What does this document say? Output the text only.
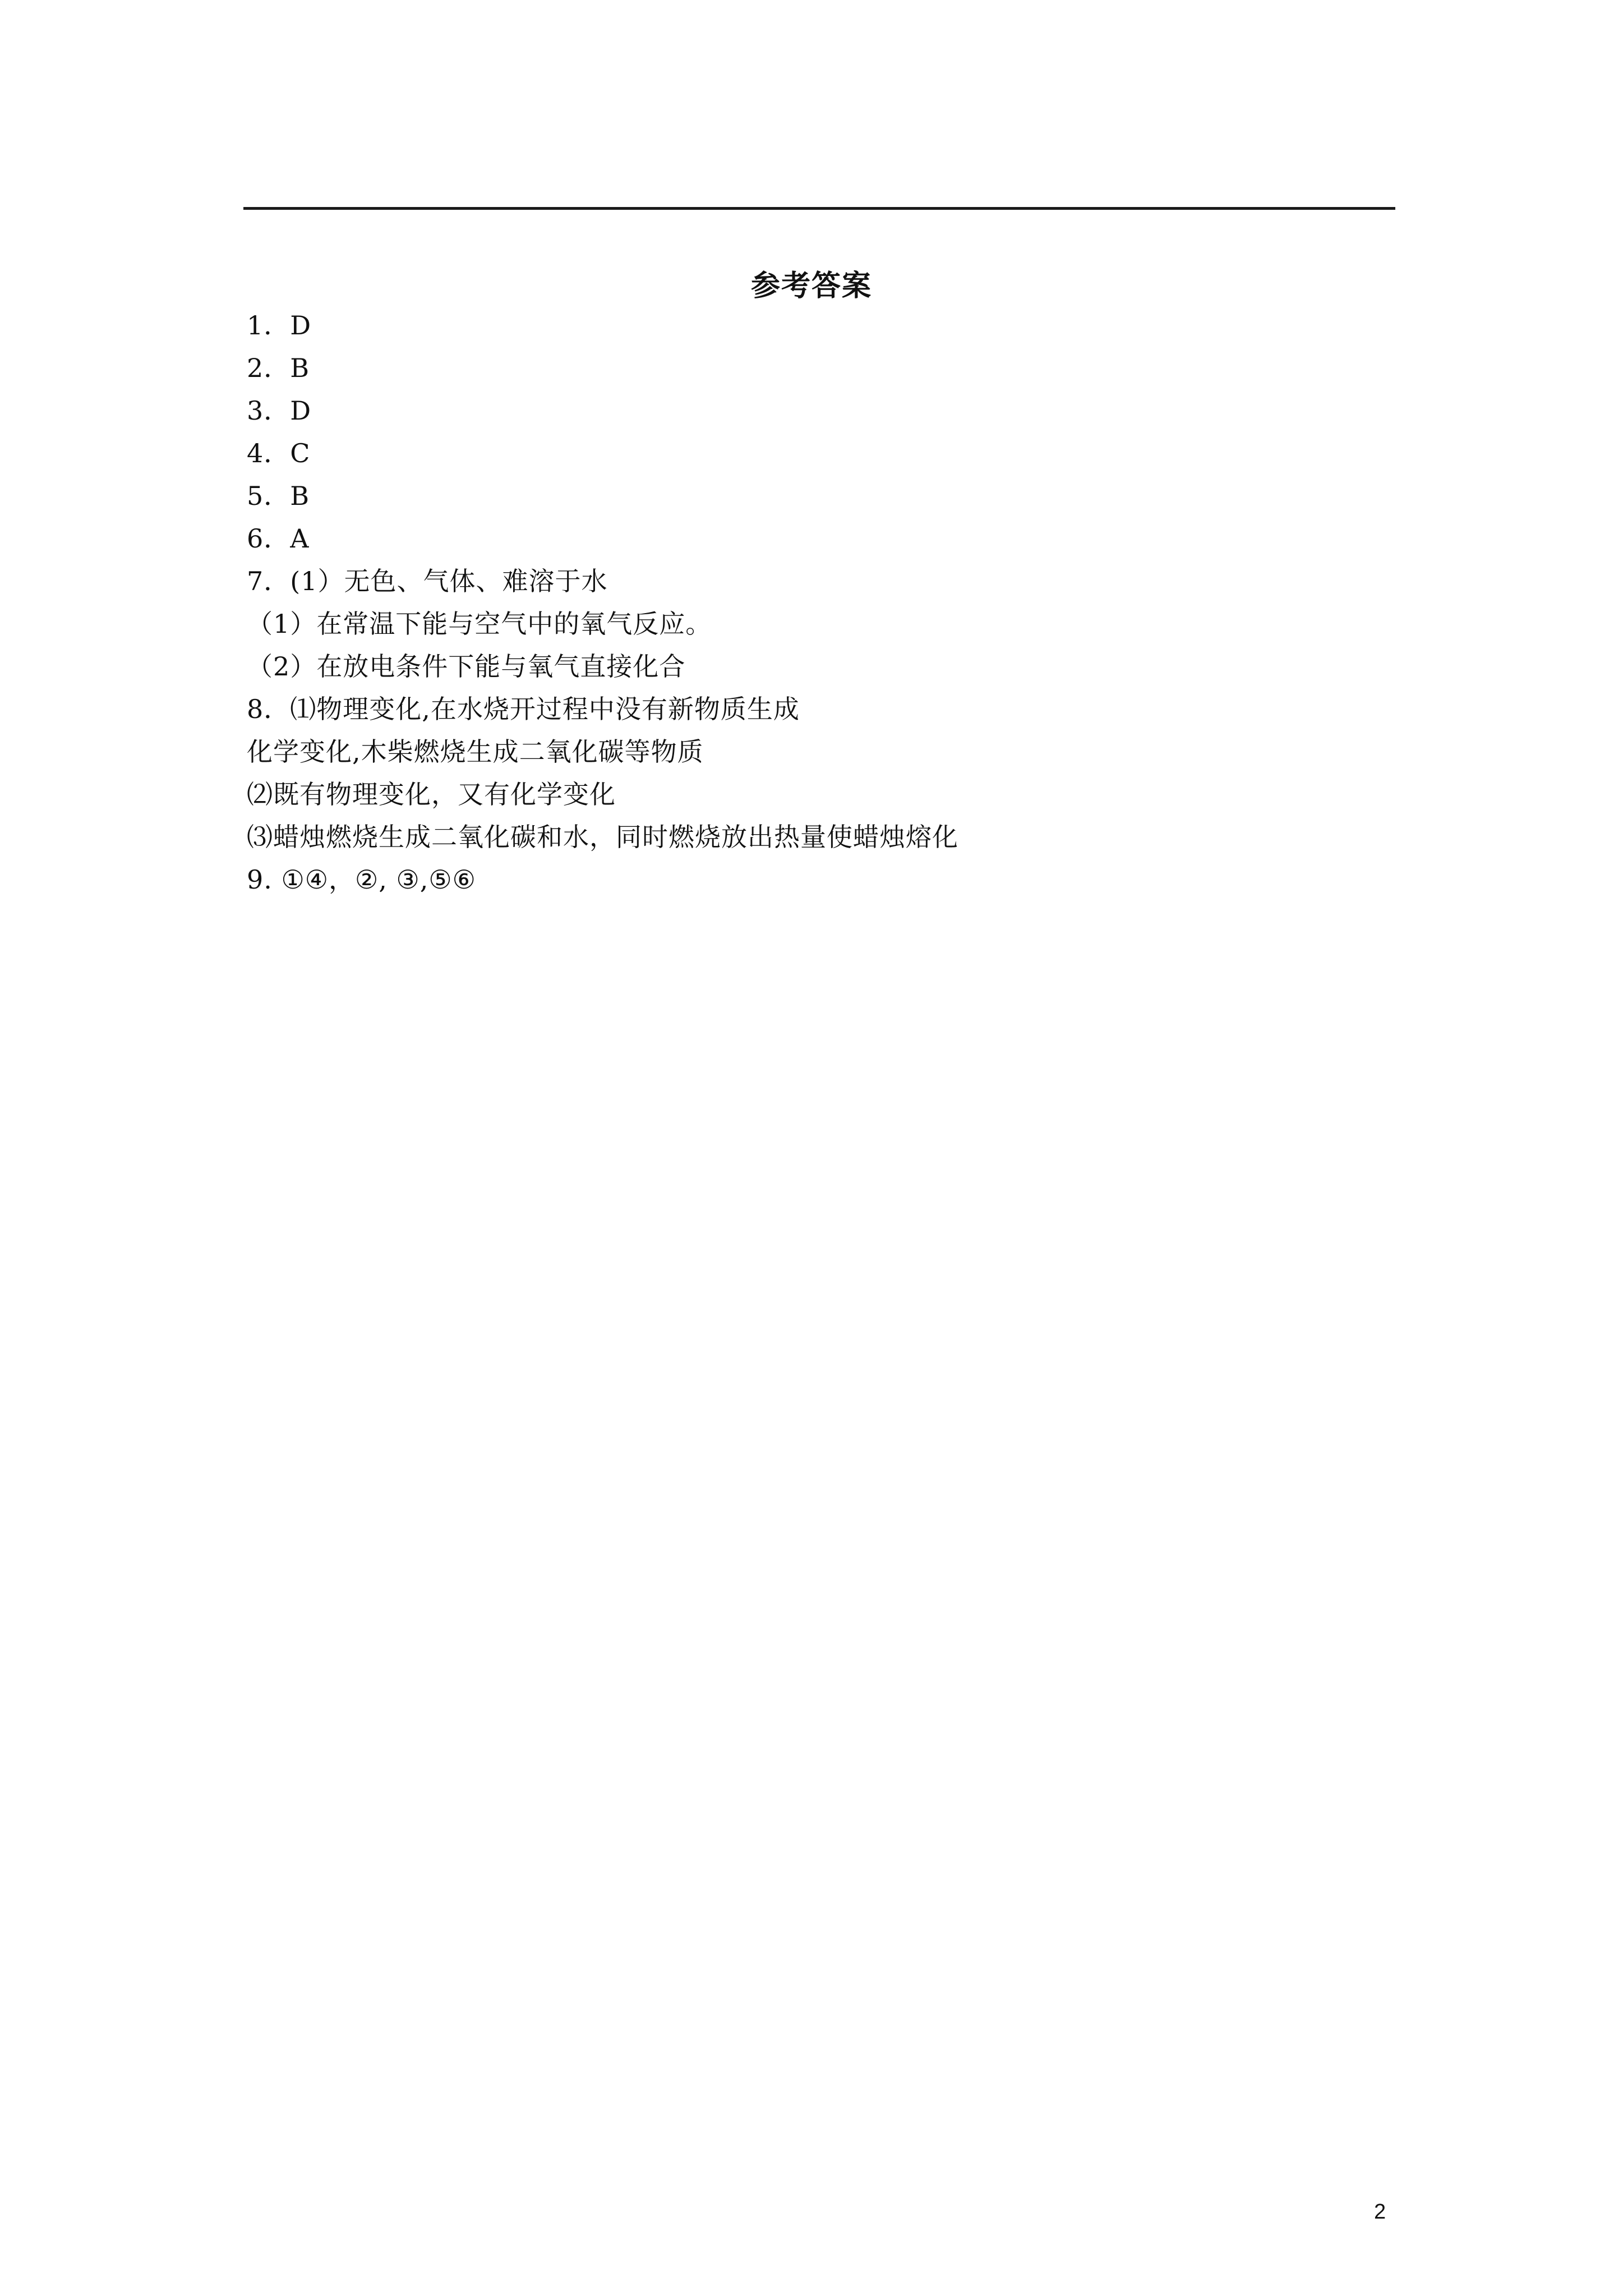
参考答案
1．D
2．B
3．D
4．C
5．B
6．A
7．(1）无色、气体、难溶于水
（1）在常温下能与空气中的氧气反应。
（2）在放电条件下能与氧气直接化合
8．⑴物理变化,在水烧开过程中没有新物质生成
化学变化,木柴燃烧生成二氧化碳等物质
⑵既有物理变化，又有化学变化
⑶蜡烛燃烧生成二氧化碳和水，同时燃烧放出热量使蜡烛熔化
9. ①④，②, ③,⑤⑥
2
